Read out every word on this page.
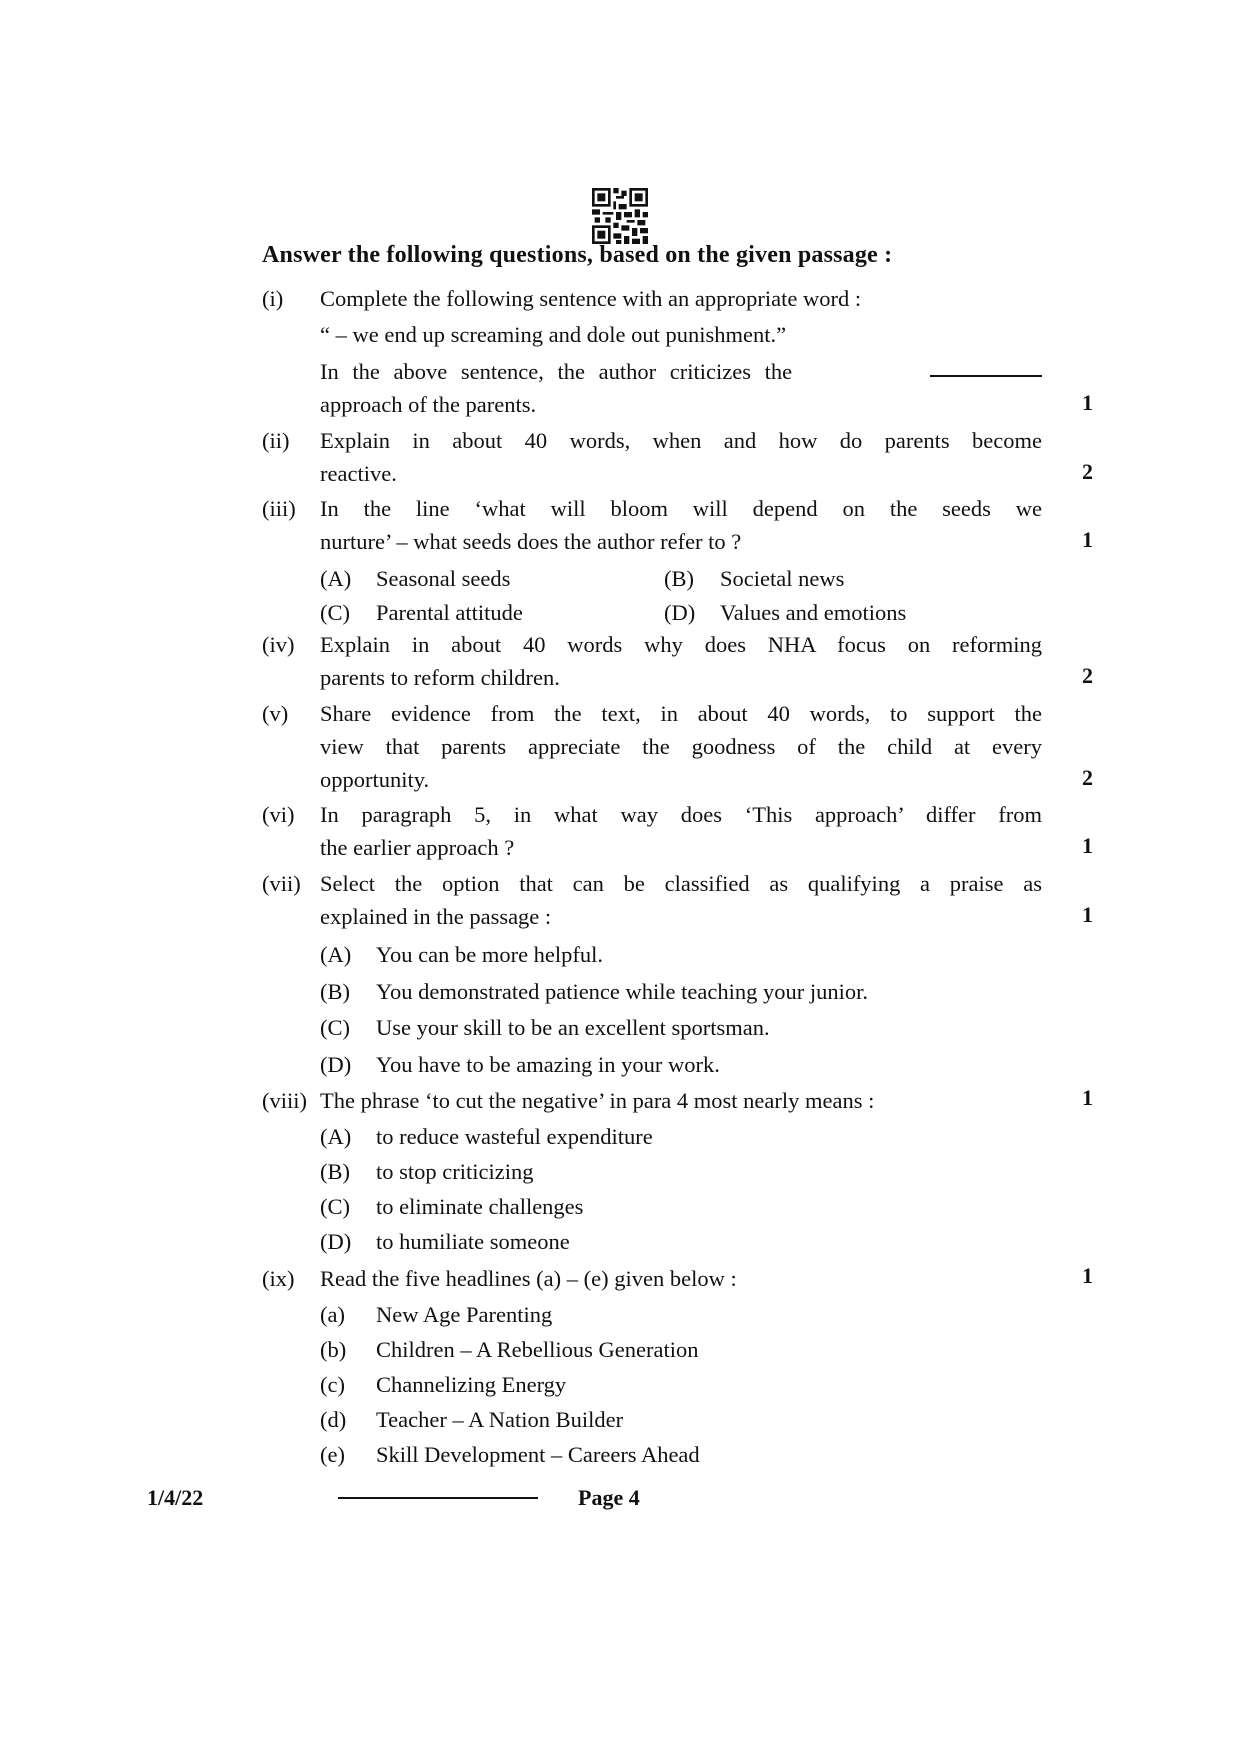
Answer the following questions, based on the given passage :
(i)	Complete the following sentence with an appropriate word :
“ – we end up screaming and dole out punishment.”
In the above sentence, the author criticizes the
approach of the parents.	1
(ii)	Explain in about 40 words, when and how do parents become
reactive.	2
(iii)	In the line ‘what will bloom will depend on the seeds we
nurture’ – what seeds does the author refer to ?	1
(A) Seasonal seeds	(B) Societal news
(C) Parental attitude	(D) Values and emotions
(iv)	Explain in about 40 words why does NHA focus on reforming
parents to reform children.	2
(v)	Share evidence from the text, in about 40 words, to support the
view that parents appreciate the goodness of the child at every
opportunity.	2
(vi)	In paragraph 5, in what way does ‘This approach’ differ from
the earlier approach ?	1
(vii) Select the option that can be classified as qualifying a praise as
explained in the passage :	1
(A) You can be more helpful.
(B) You demonstrated patience while teaching your junior.
(C) Use your skill to be an excellent sportsman.
(D) You have to be amazing in your work.
(viii) The phrase ‘to cut the negative’ in para 4 most nearly means :	1
(A) to reduce wasteful expenditure
(B) to stop criticizing
(C) to eliminate challenges
(D) to humiliate someone
(ix)	Read the five headlines (a) – (e) given below :	1
(a) New Age Parenting
(b) Children – A Rebellious Generation
(c) Channelizing Energy
(d) Teacher – A Nation Builder
(e) Skill Development – Careers Ahead
1/4/22	Page 4
